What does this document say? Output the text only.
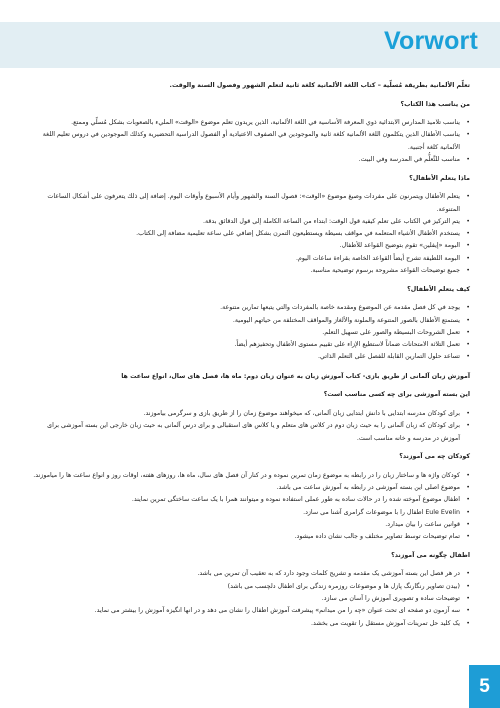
Vorwort

تعلّم الألمانية بطريقة مُسلّية – كتاب اللغة الألمانية كلغة ثانية لتعلم الشهور وفصول السنة والوقت.

من يناسب هذا الكتاب؟

• يناسب تلاميذ المدارس الابتدائية ذوي المعرفة الأساسية في اللغة الألمانية، الذين يريدون تعلم موضوع «الوقت» المليء بالصعوبات بشكل مُسلّي وممتع.

• يناسب الأطفال الذين يتكلمون اللغة الألمانية كلغة ثانية والموجودين في الصفوف الاعتيادية أو الفصول الدراسية التحضيرية وكذلك الموجودين في دروس تعليم اللغة الألمانية كلغة أجنبية.

• مناسب للتَّعلُّم في المدرسة وفي البيت.

ماذا يتعلم الأطفال؟

• يتعلم الأطفال ويتمرنون على مفردات وصيغ موضوع «الوقت»: فصول السنة والشهور وأيام الأسبوع وأوقات اليوم. إضافة إلى ذلك يتعرفون على أشكال الساعات المتنوعة.

• يتم التركيز في الكتاب على تعلم كيفية قول الوقت: ابتداء من الساعة الكاملة إلى قول الدقائق بدقة.

• يستخدم الأطفال الأشياء المتعلمة في مواقف بسيطة ويستطيعون التمرن بشكل إضافي على ساعة تعليمية مضافة إلى الكتاب.

• البومة «إيفلين» تقوم بتوضيح القواعد للأطفال.

• البومة اللطيفة تشرح أيضاً القواعد الخاصة بقراءة ساعات اليوم.

• جميع توضيحات القواعد مشروحة برسوم توضيحية مناسبة.

كيف يتعلم الأطفال؟

• يوجد في كل فصل مقدمة عن الموضوع ومقدمة خاصة بالمفردات والتي يتبعها تمارين متنوعة.

• يستمتع الأطفال بالصور المتنوعة والملونة والألغاز والمواقف المختلفة من حياتهم اليومية.

• تعمل الشروحات البسيطة والصور على تسهيل التعلم.

• تعمل التلاثة الامتحانات ضماناً لاستطيع الإزاء على تقييم مستوى الأطفال وتحفيزهم أيضاً.

• تساعد حلول التمارين القابلة للفصل على التعلم الذاتي.

آموزش زبان آلمانی از طریق بازی- کتاب آموزش زبان به عنوان زبان دوم: ماه ها، فصل های سال، انواع ساعت ها

این بسته آموزشی برای چه کسی مناسب است؟

• برای کودکان مدرسه ابتدایی با دانش ابتدایی زبان آلمانی، که میخواهند موضوع زمان را از طریق بازی و سرگرمی بیاموزند.

• برای کودکان که زبان آلمانی را به حیث زبان دوم در کلاس های متعلم و یا کلاس های استقبالی و برای درس آلمانی به حیث زبان خارجی این بسته آموزشی برای آموزش در مدرسه و خانه مناسب است.

کودکان چه می آموزند؟

• کودکان واژه ها و ساختار زبان را در رابطه به موضوع زمان تمرین نموده و در کنار آن فصل های سال، ماه ها، روزهای هفته، اوقات روز و انواع ساعت ها را میاموزند.

• موضوع اصلی این بسته آموزشی در رابطه به آموزش ساعت می باشد.

• اطفال موضوع آموخته شده را در حالات ساده به طور عملی استفاده نموده و میتوانند همرا با یک ساعت ساختگی تمرین نمایند.

• Eule Evelin اطفال را با موضوعات گرامری آشنا می سازد.

• قوانین ساعت را بیان میدارد.

• تمام توضیحات توسط تصاویر مختلف و جالب نشان داده میشود.

اطفال چگونه می آموزند؟

• در هر فصل این بسته آموزشی یک مقدمه و تشریح کلمات وجود دارد که به تعقیب آن تمرین می باشد.

• (بیدن تصاویر رنگارنگ پازل ها و موضوعات روزمره زندگی برای اطفال دلچسب می باشد)

• توضیحات ساده و تصویری آموزش را آسان می سازد.

• سه آزمون دو صفحه ای تحت عنوان «چه را من میدانم» پیشرفت آموزش اطفال را نشان می دهد و در انها انگیزه آموزش را بیشتر می نماید.

• یک کلید حل تمرینات آموزش مستقل را تقویت می بخشد.

5
